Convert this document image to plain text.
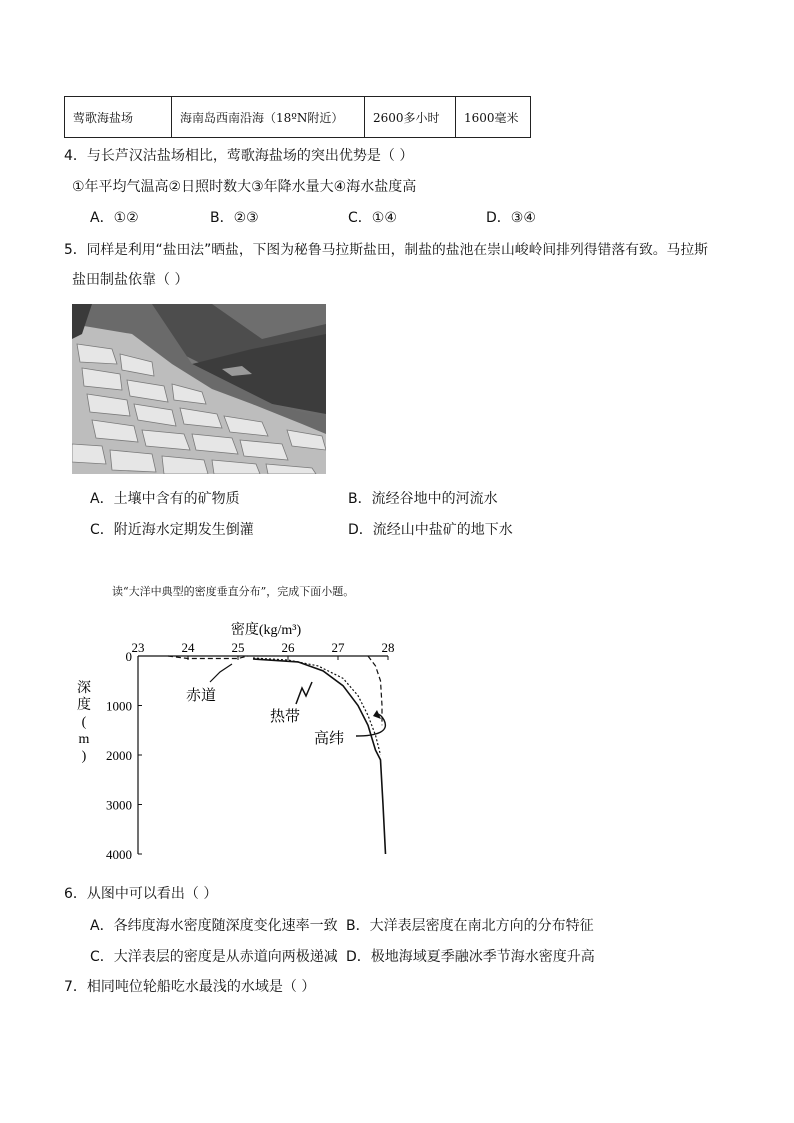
莺歌海盐场	海南岛西南沿海（18ºN附近）	2600多小时	1600毫米
4．与长芦汉沽盐场相比，莺歌海盐场的突出优势是（ ）
①年平均气温高②日照时数大③年降水量大④海水盐度高
A．①②	B．②③	C．①④	D．③④
5．同样是利用“盐田法”晒盐，下图为秘鲁马拉斯盐田，制盐的盐池在崇山峻岭间排列得错落有致。马拉斯
盐田制盐依靠（ ）
A．土壤中含有的矿物质	B．流经谷地中的河流水
C．附近海水定期发生倒灌	D．流经山中盐矿的地下水
读“大洋中典型的密度垂直分布”，完成下面小题。
密度(kg/m³)
23	24	25	26	27	28
0
1000
2000
3000
4000
深度( m )
赤道
热带
高纬
6．从图中可以看出（ ）
A．各纬度海水密度随深度变化速率一致 B．大洋表层密度在南北方向的分布特征
C．大洋表层的密度是从赤道向两极递减 D．极地海域夏季融冰季节海水密度升高
7．相同吨位轮船吃水最浅的水域是（ ）
